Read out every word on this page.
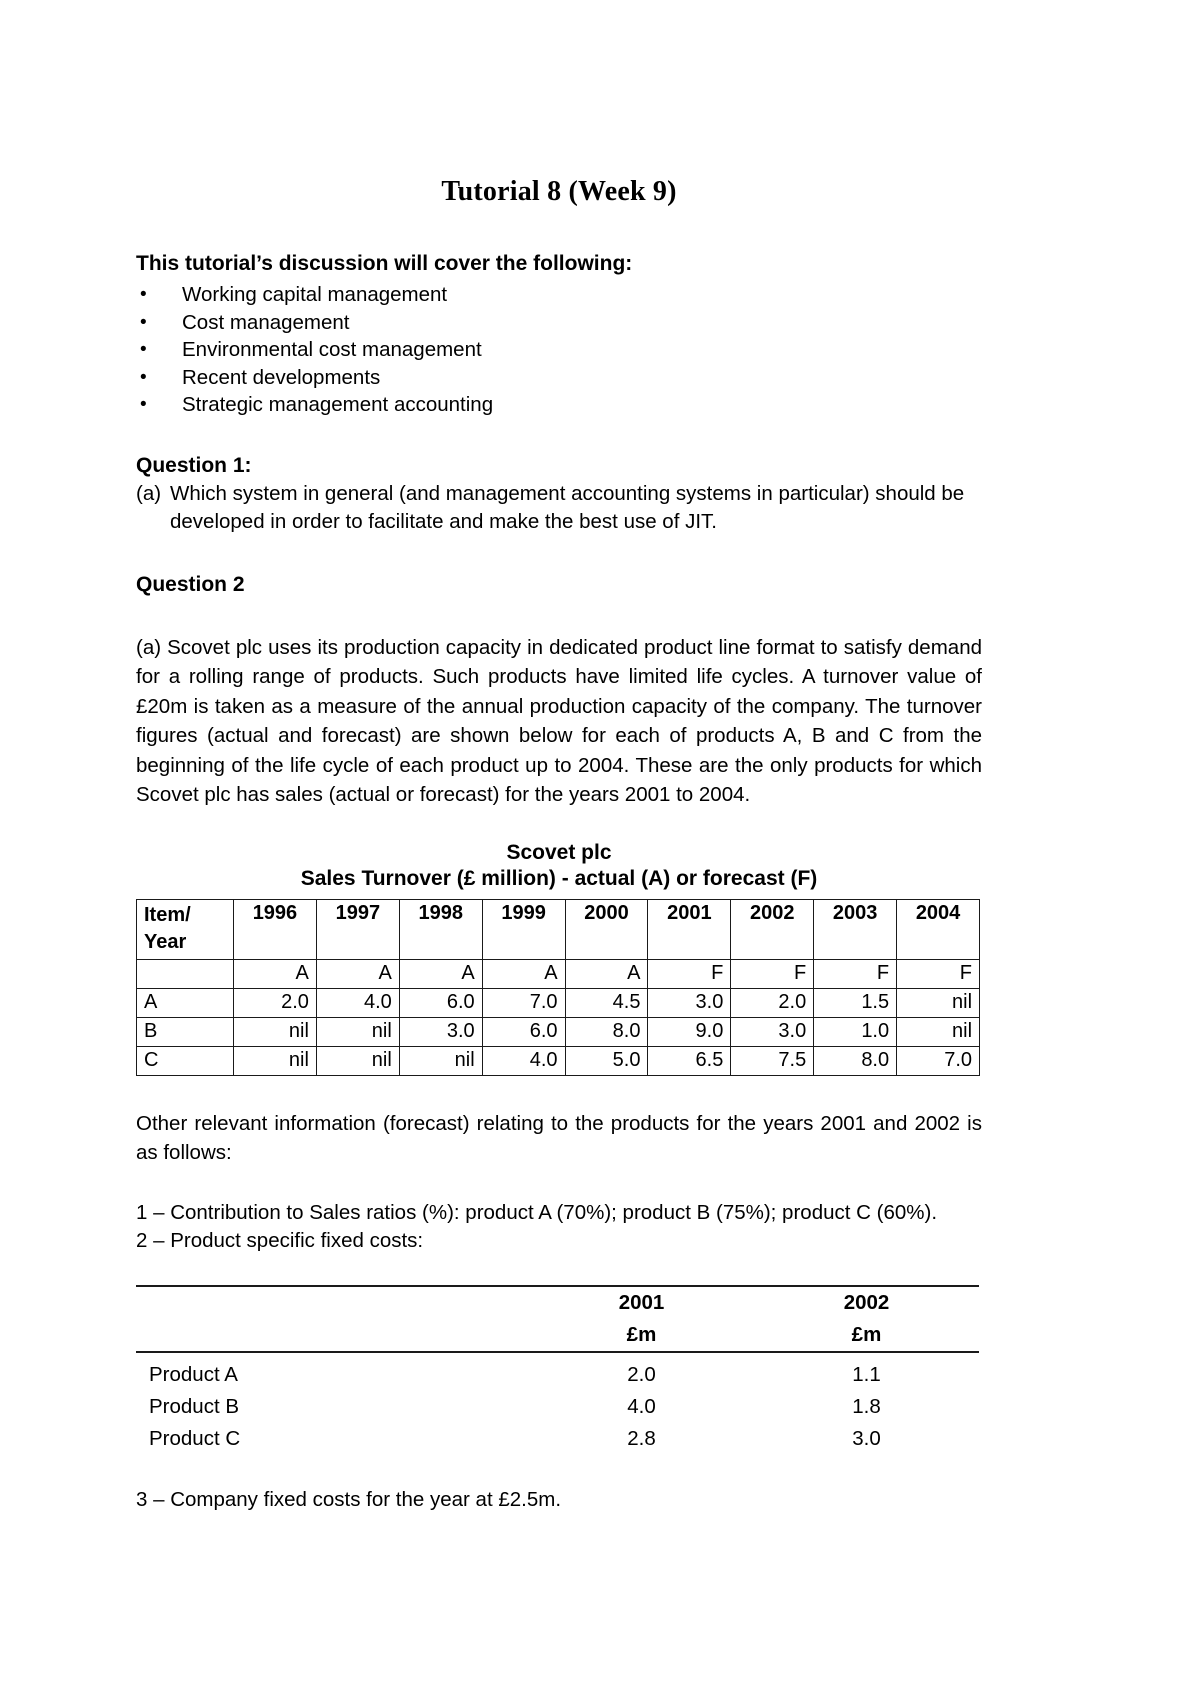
Tutorial 8 (Week 9)
This tutorial’s discussion will cover the following:
• Working capital management
• Cost management
• Environmental cost management
• Recent developments
• Strategic management accounting
Question 1:
(a) Which system in general (and management accounting systems in particular) should be developed in order to facilitate and make the best use of JIT.
Question 2
(a) Scovet plc uses its production capacity in dedicated product line format to satisfy demand for a rolling range of products. Such products have limited life cycles. A turnover value of £20m is taken as a measure of the annual production capacity of the company. The turnover figures (actual and forecast) are shown below for each of products A, B and C from the beginning of the life cycle of each product up to 2004. These are the only products for which Scovet plc has sales (actual or forecast) for the years 2001 to 2004.
Scovet plc
Sales Turnover (£ million) - actual (A) or forecast (F)
Item/
Year	1996	1997	1998	1999	2000	2001	2002	2003	2004
	A	A	A	A	A	F	F	F	F
A	2.0	4.0	6.0	7.0	4.5	3.0	2.0	1.5	nil
B	nil	nil	3.0	6.0	8.0	9.0	3.0	1.0	nil
C	nil	nil	nil	4.0	5.0	6.5	7.5	8.0	7.0
Other relevant information (forecast) relating to the products for the years 2001 and 2002 is as follows:
1 – Contribution to Sales ratios (%): product A (70%); product B (75%); product C (60%).
2 – Product specific fixed costs:
	2001	2002
	£m	£m

Product A	2.0	1.1
Product B	4.0	1.8
Product C	2.8	3.0
3 – Company fixed costs for the year at £2.5m.
